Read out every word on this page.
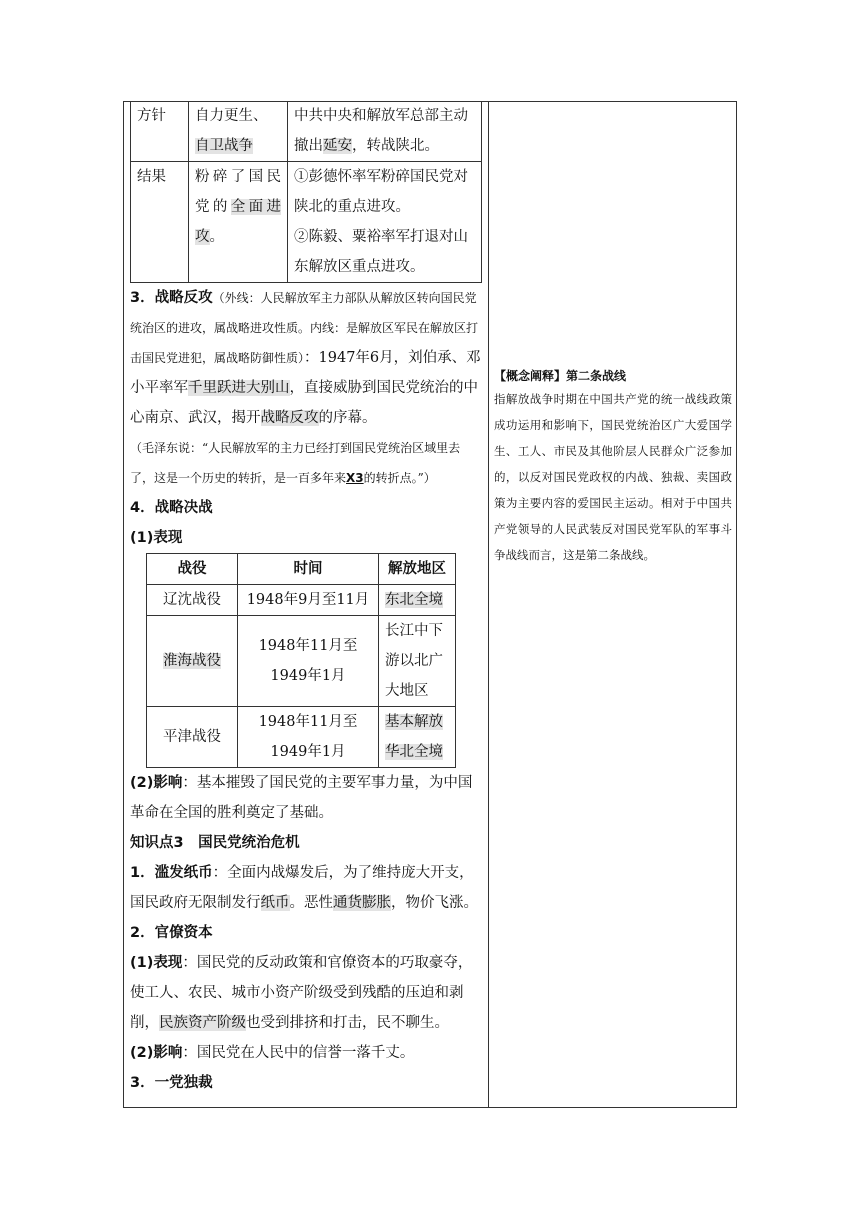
方针	自力更生、自卫战争	中共中央和解放军总部主动撤出延安，转战陕北。
结果	粉碎了国民党的全面进攻。	①彭德怀率军粉碎国民党对陕北的重点进攻。

②陈毅、粟裕率军打退对山东解放区重点进攻。

3．战略反攻（外线：人民解放军主力部队从解放区转向国民党统治区的进攻，属战略进攻性质。内线：是解放区军民在解放区打击国民党进犯，属战略防御性质）：1947年6月，刘伯承、邓小平率军千里跃进大别山，直接威胁到国民党统治的中心南京、武汉，揭开战略反攻的序幕。

（毛泽东说：“人民解放军的主力已经打到国民党统治区域里去了，这是一个历史的转折，是一百多年来X3的转折点。”）

4．战略决战

(1)表现

战役	时间	解放地区
辽沈战役	1948年9月至11月	东北全境
淮海战役	1948年11月至1949年1月	长江中下游以北广大地区
平津战役	1948年11月至1949年1月	基本解放华北全境

(2)影响：基本摧毁了国民党的主要军事力量，为中国革命在全国的胜利奠定了基础。

知识点3　国民党统治危机

1．滥发纸币：全面内战爆发后，为了维持庞大开支，国民政府无限制发行纸币。恶性通货膨胀，物价飞涨。

2．官僚资本

(1)表现：国民党的反动政策和官僚资本的巧取豪夺，使工人、农民、城市小资产阶级受到残酷的压迫和剥削，民族资产阶级也受到排挤和打击，民不聊生。

(2)影响：国民党在人民中的信誉一落千丈。

3．一党独裁

【概念阐释】第二条战线

指解放战争时期在中国共产党的统一战线政策成功运用和影响下，国民党统治区广大爱国学生、工人、市民及其他阶层人民群众广泛参加的，以反对国民党政权的内战、独裁、卖国政策为主要内容的爱国民主运动。相对于中国共产党领导的人民武装反对国民党军队的军事斗争战线而言，这是第二条战线。
